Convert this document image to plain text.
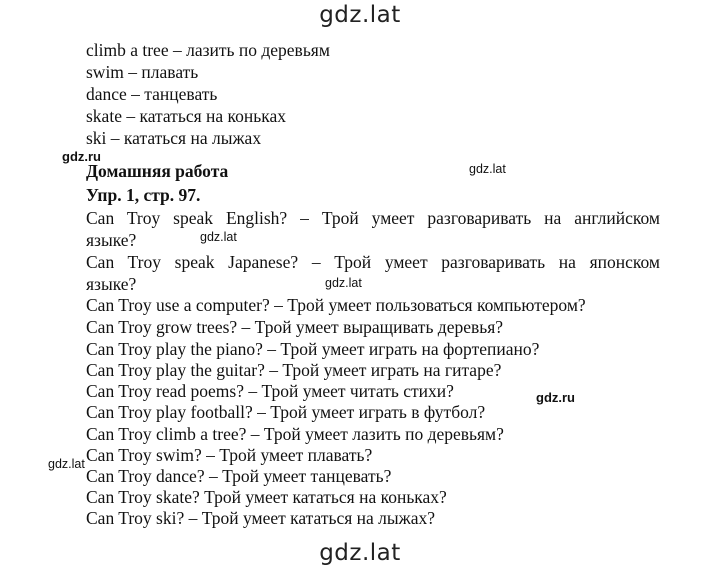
gdz.lat
climb a tree – лазить по деревьям
swim – плавать
dance – танцевать
skate – кататься на коньках
ski – кататься на лыжах
gdz.ru
Домашняя работа	gdz.lat
Упр. 1, стр. 97.
Can Troy speak English? – Трой умеет разговаривать на английском
языке?	gdz.lat
Can Troy speak Japanese? – Трой умеет разговаривать на японском
языке?	gdz.lat
Can Troy use a computer? – Трой умеет пользоваться компьютером?
Can Troy grow trees? – Трой умеет выращивать деревья?
Can Troy play the piano? – Трой умеет играть на фортепиано?
Can Troy play the guitar? – Трой умеет играть на гитаре?
Can Troy read poems? – Трой умеет читать стихи?	gdz.ru
Can Troy play football? – Трой умеет играть в футбол?
Can Troy climb a tree? – Трой умеет лазить по деревьям?
Can Troy swim? – Трой умеет плавать?
gdz.lat
Can Troy dance? – Трой умеет танцевать?
Can Troy skate? Трой умеет кататься на коньках?
Can Troy ski? – Трой умеет кататься на лыжах?
gdz.lat
